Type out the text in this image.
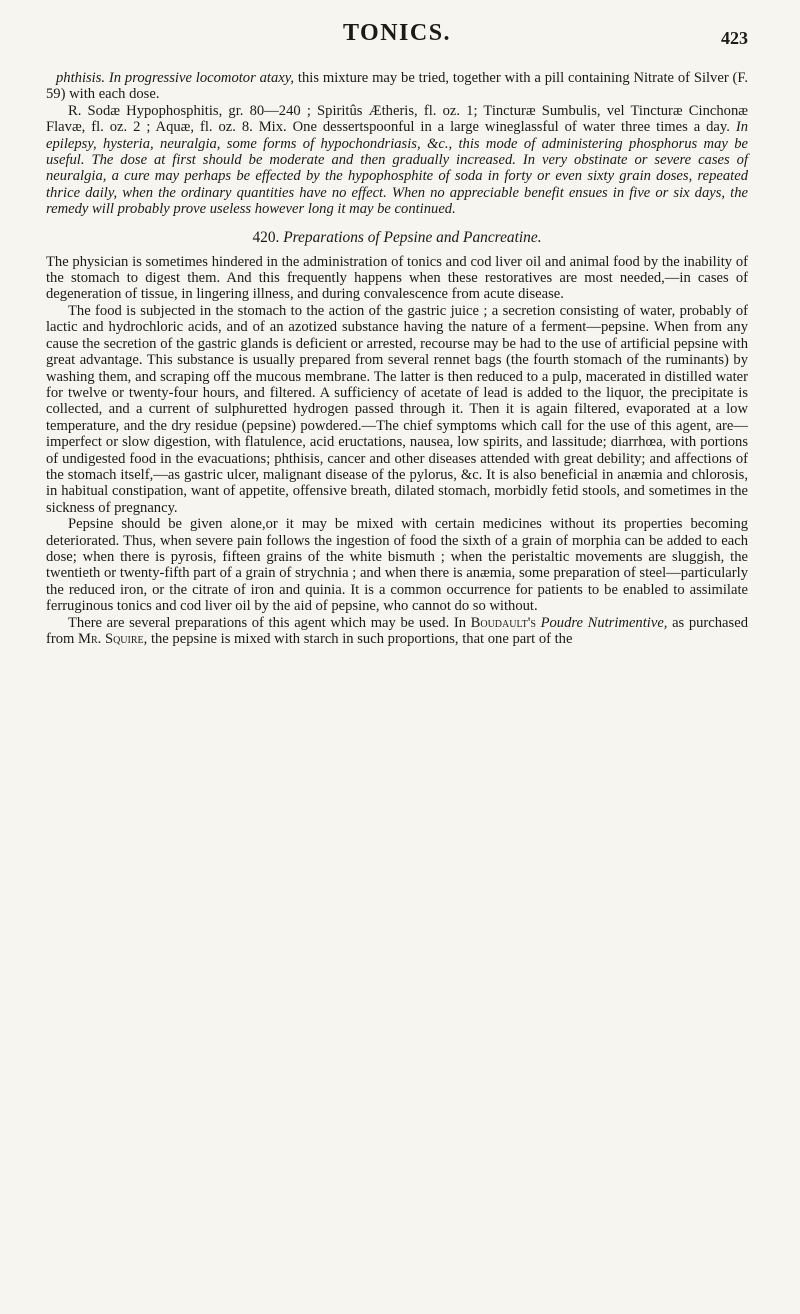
TONICS.	423

phthisis. In progressive locomotor ataxy, this mixture may be tried, together with a pill containing Nitrate of Silver (F. 59) with each dose.

R. Sodæ Hypophosphitis, gr. 80—240 ; Spiritûs Ætheris, fl. oz. 1; Tincturæ Sumbulis, vel Tincturæ Cinchonæ Flavæ, fl. oz. 2 ; Aquæ, fl. oz. 8. Mix. One dessertspoonful in a large wineglassful of water three times a day. In epilepsy, hysteria, neuralgia, some forms of hypochondriasis, &c., this mode of administering phosphorus may be useful. The dose at first should be moderate and then gradually increased. In very obstinate or severe cases of neuralgia, a cure may perhaps be effected by the hypophosphite of soda in forty or even sixty grain doses, repeated thrice daily, when the ordinary quantities have no effect. When no appreciable benefit ensues in five or six days, the remedy will probably prove useless however long it may be continued.

420. Preparations of Pepsine and Pancreatine.

The physician is sometimes hindered in the administration of tonics and cod liver oil and animal food by the inability of the stomach to digest them. And this frequently happens when these restoratives are most needed,—in cases of degeneration of tissue, in lingering illness, and during convalescence from acute disease.

The food is subjected in the stomach to the action of the gastric juice ; a secretion consisting of water, probably of lactic and hydrochloric acids, and of an azotized substance having the nature of a ferment—pepsine. When from any cause the secretion of the gastric glands is deficient or arrested, recourse may be had to the use of artificial pepsine with great advantage. This substance is usually prepared from several rennet bags (the fourth stomach of the ruminants) by washing them, and scraping off the mucous membrane. The latter is then reduced to a pulp, macerated in distilled water for twelve or twenty-four hours, and filtered. A sufficiency of acetate of lead is added to the liquor, the precipitate is collected, and a current of sulphuretted hydrogen passed through it. Then it is again filtered, evaporated at a low temperature, and the dry residue (pepsine) powdered.—The chief symptoms which call for the use of this agent, are—imperfect or slow digestion, with flatulence, acid eructations, nausea, low spirits, and lassitude; diarrhœa, with portions of undigested food in the evacuations; phthisis, cancer and other diseases attended with great debility; and affections of the stomach itself,—as gastric ulcer, malignant disease of the pylorus, &c. It is also beneficial in anæmia and chlorosis, in habitual constipation, want of appetite, offensive breath, dilated stomach, morbidly fetid stools, and sometimes in the sickness of pregnancy.

Pepsine should be given alone,or it may be mixed with certain medicines without its properties becoming deteriorated. Thus, when severe pain follows the ingestion of food the sixth of a grain of morphia can be added to each dose; when there is pyrosis, fifteen grains of the white bismuth ; when the peristaltic movements are sluggish, the twentieth or twenty-fifth part of a grain of strychnia ; and when there is anæmia, some preparation of steel—particularly the reduced iron, or the citrate of iron and quinia. It is a common occurrence for patients to be enabled to assimilate ferruginous tonics and cod liver oil by the aid of pepsine, who cannot do so without.

There are several preparations of this agent which may be used. In Boudault's Poudre Nutrimentive, as purchased from Mr. Squire, the pepsine is mixed with starch in such proportions, that one part of the
